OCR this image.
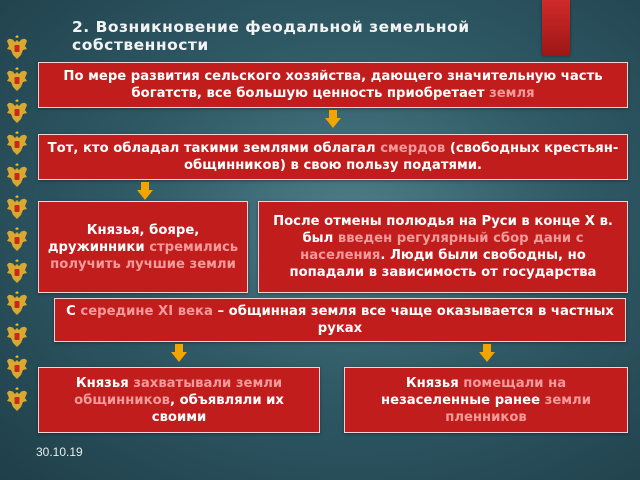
2. Возникновение феодальной земельной собственности

По мере развития сельского хозяйства, дающего значительную часть богатств, все большую ценность приобретает земля

Тот, кто обладал такими землями облагал смердов (свободных крестьян-общинников) в свою пользу податями.

Князья, бояре, дружинники стремились получить лучшие земли

После отмены полюдья на Руси в конце X в. был введен регулярный сбор дани с населения. Люди были свободны, но попадали в зависимость от государства

С середине XI века – общинная земля все чаще оказывается в частных руках

Князья захватывали земли общинников, объявляли их своими

Князья помещали на незаселенные ранее земли пленников

30.10.19
